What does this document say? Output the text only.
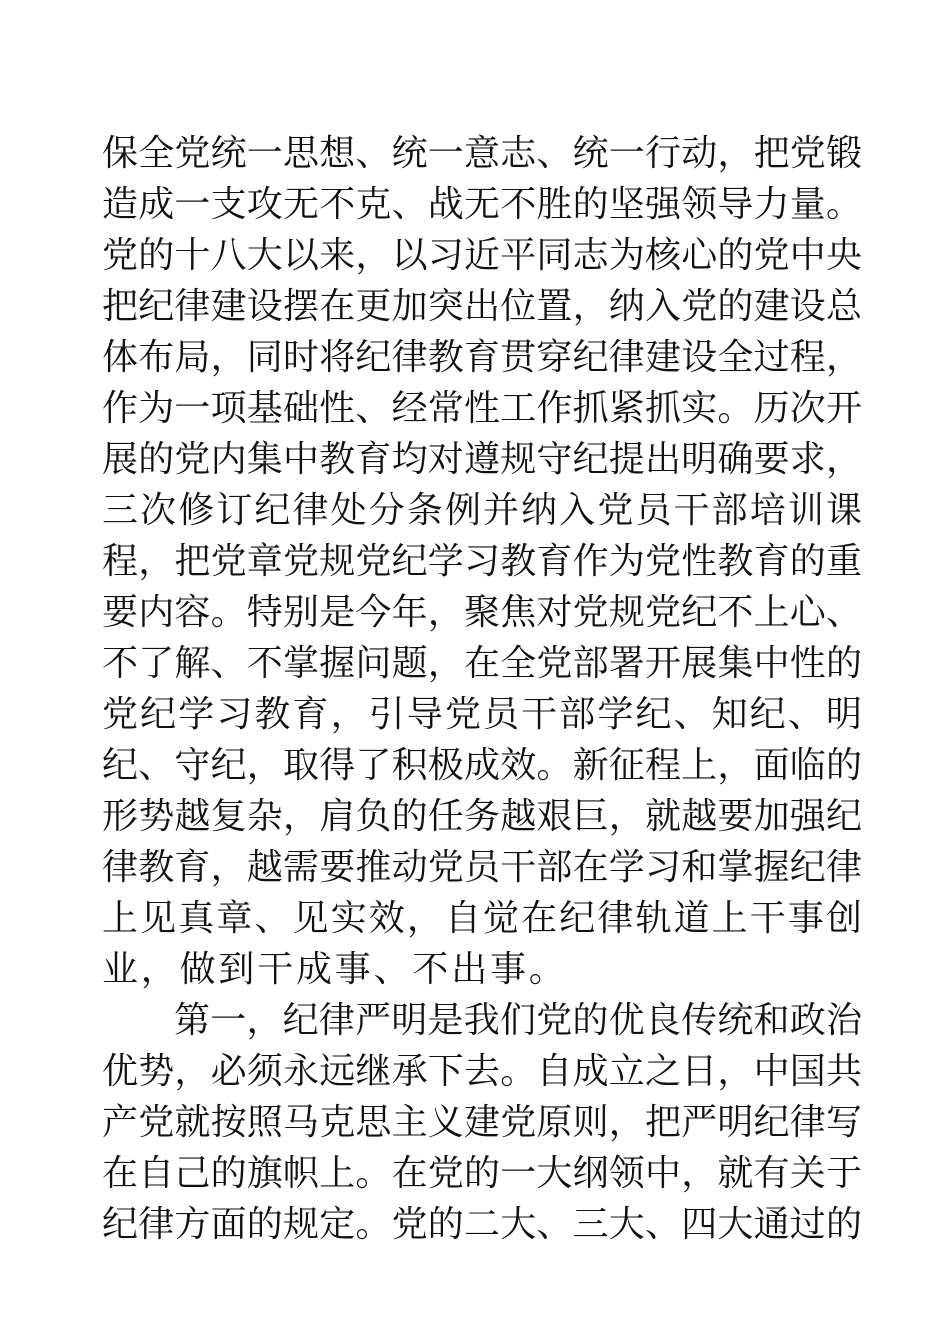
保全党统一思想、统一意志、统一行动，把党锻
造成一支攻无不克、战无不胜的坚强领导力量。
党的十八大以来，以习近平同志为核心的党中央
把纪律建设摆在更加突出位置，纳入党的建设总
体布局，同时将纪律教育贯穿纪律建设全过程，
作为一项基础性、经常性工作抓紧抓实。历次开
展的党内集中教育均对遵规守纪提出明确要求，
三次修订纪律处分条例并纳入党员干部培训课
程，把党章党规党纪学习教育作为党性教育的重
要内容。特别是今年，聚焦对党规党纪不上心、
不了解、不掌握问题，在全党部署开展集中性的
党纪学习教育，引导党员干部学纪、知纪、明
纪、守纪，取得了积极成效。新征程上，面临的
形势越复杂，肩负的任务越艰巨，就越要加强纪
律教育，越需要推动党员干部在学习和掌握纪律
上见真章、见实效，自觉在纪律轨道上干事创
业，做到干成事、不出事。
第一，纪律严明是我们党的优良传统和政治
优势，必须永远继承下去。自成立之日，中国共
产党就按照马克思主义建党原则，把严明纪律写
在自己的旗帜上。在党的一大纲领中，就有关于
纪律方面的规定。党的二大、三大、四大通过的
